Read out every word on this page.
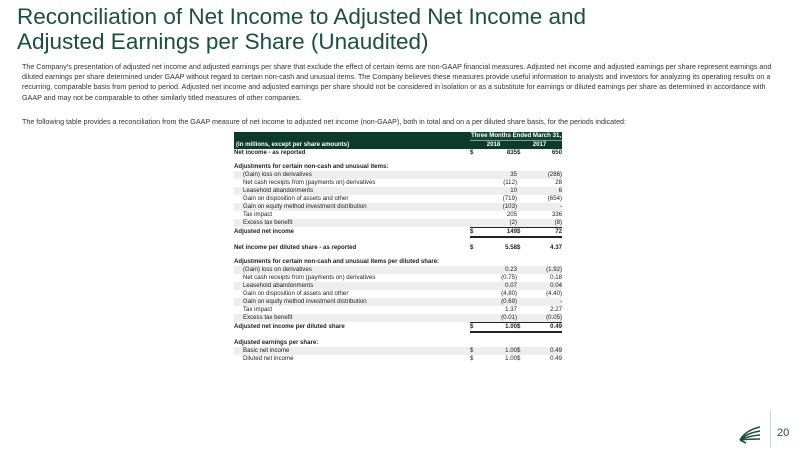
Reconciliation of Net Income to Adjusted Net Income and
Adjusted Earnings per Share (Unaudited)

The Company's presentation of adjusted net income and adjusted earnings per share that exclude the effect of certain items are non-GAAP financial measures. Adjusted net income and adjusted earnings per share represent earnings and diluted earnings per share determined under GAAP without regard to certain non-cash and unusual items. The Company believes these measures provide useful information to analysts and investors for analyzing its operating results on a recurring, comparable basis from period to period. Adjusted net income and adjusted earnings per share should not be considered in isolation or as a substitute for earnings or diluted earnings per share as determined in accordance with GAAP and may not be comparable to other similarly titled measures of other companies.

The following table provides a reconciliation from the GAAP measure of net income to adjusted net income (non-GAAP), both in total and on a per diluted share basis, for the periods indicated:

	Three Months Ended March 31,			
(in millions, except per share amounts)	2018		2017	
Net income - as reported	$	835	$	650

Adjustments for certain non-cash and unusual items:				
(Gain) loss on derivatives		35		(286)
Net cash receipts from (payments on) derivatives		(112)		28
Leasehold abandonments		10		6
Gain on disposition of assets and other		(719)		(654)
Gain on equity method investment distribution		(103)		-
Tax impact		205		336
Excess tax benefit		(2)		(8)
Adjusted net income	$	149	$	72

Net income per diluted share - as reported	$	5.58	$	4.37

Adjustments for certain non-cash and unusual items per diluted share:				
(Gain) loss on derivatives		0.23		(1.92)
Net cash receipts from (payments on) derivatives		(0.75)		0.18
Leasehold abandonments		0.07		0.04
Gain on disposition of assets and other		(4.80)		(4.40)
Gain on equity method investment distribution		(0.69)		-
Tax impact		1.37		2.27
Excess tax benefit		(0.01)		(0.05)
Adjusted net income per diluted share	$	1.00	$	0.49

Adjusted earnings per share:				
Basic net income	$	1.00	$	0.49
Diluted net income	$	1.00	$	0.49
20
